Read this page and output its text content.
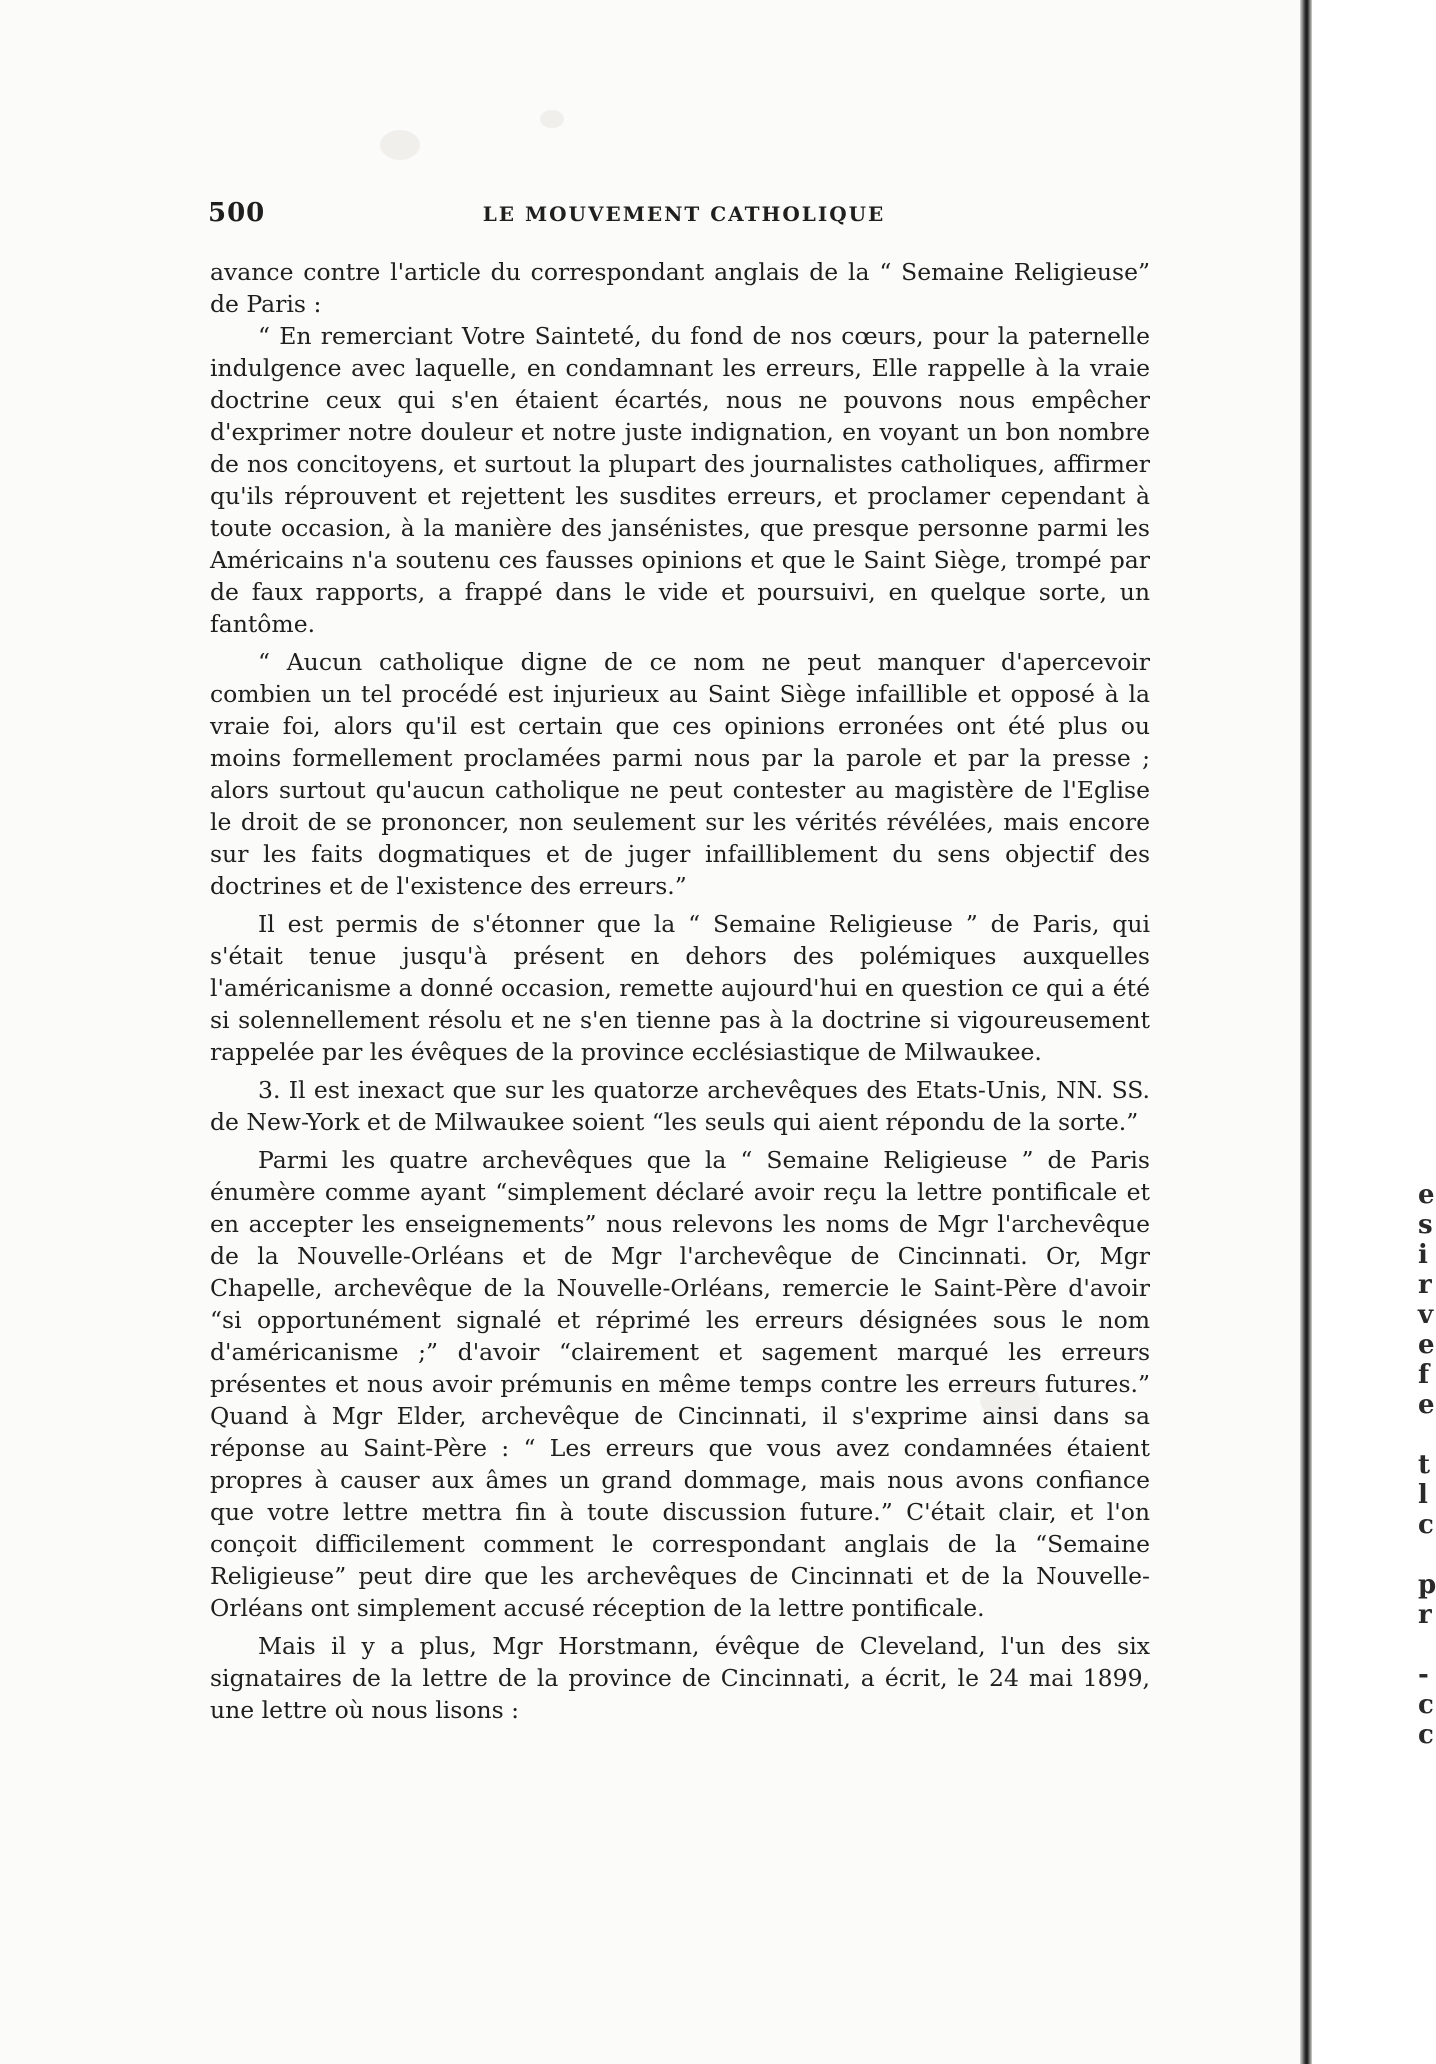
500	LE MOUVEMENT CATHOLIQUE

avance contre l'article du correspondant anglais de la “ Semaine Religieuse” de Paris :

“ En remerciant Votre Sainteté, du fond de nos cœurs, pour la paternelle indulgence avec laquelle, en condamnant les erreurs, Elle rappelle à la vraie doctrine ceux qui s'en étaient écartés, nous ne pouvons nous empêcher d'exprimer notre douleur et notre juste indignation, en voyant un bon nombre de nos concitoyens, et surtout la plupart des journalistes catholiques, affirmer qu'ils réprouvent et rejettent les susdites erreurs, et proclamer cependant à toute occasion, à la manière des jansénistes, que presque personne parmi les Américains n'a soutenu ces fausses opinions et que le Saint Siège, trompé par de faux rapports, a frappé dans le vide et poursuivi, en quelque sorte, un fantôme.

“ Aucun catholique digne de ce nom ne peut manquer d'apercevoir combien un tel procédé est injurieux au Saint Siège infaillible et opposé à la vraie foi, alors qu'il est certain que ces opinions erronées ont été plus ou moins formellement proclamées parmi nous par la parole et par la presse ; alors surtout qu'aucun catholique ne peut contester au magistère de l'Eglise le droit de se prononcer, non seulement sur les vérités révélées, mais encore sur les faits dogmatiques et de juger infailliblement du sens objectif des doctrines et de l'existence des erreurs.”

Il est permis de s'étonner que la “ Semaine Religieuse ” de Paris, qui s'était tenue jusqu'à présent en dehors des polémiques auxquelles l'américanisme a donné occasion, remette aujourd'hui en question ce qui a été si solennellement résolu et ne s'en tienne pas à la doctrine si vigoureusement rappelée par les évêques de la province ecclésiastique de Milwaukee.

3. Il est inexact que sur les quatorze archevêques des Etats-Unis, NN. SS. de New-York et de Milwaukee soient “les seuls qui aient répondu de la sorte.”

Parmi les quatre archevêques que la “ Semaine Religieuse ” de Paris énumère comme ayant “simplement déclaré avoir reçu la lettre pontificale et en accepter les enseignements” nous relevons les noms de Mgr l'archevêque de la Nouvelle-Orléans et de Mgr l'archevêque de Cincinnati. Or, Mgr Chapelle, archevêque de la Nouvelle-Orléans, remercie le Saint-Père d'avoir “si opportunément signalé et réprimé les erreurs désignées sous le nom d'américanisme ;” d'avoir “clairement et sagement marqué les erreurs présentes et nous avoir prémunis en même temps contre les erreurs futures.” Quand à Mgr Elder, archevêque de Cincinnati, il s'exprime ainsi dans sa réponse au Saint-Père : “ Les erreurs que vous avez condamnées étaient propres à causer aux âmes un grand dommage, mais nous avons confiance que votre lettre mettra fin à toute discussion future.” C'était clair, et l'on conçoit difficilement comment le correspondant anglais de la “Semaine Religieuse” peut dire que les archevêques de Cincinnati et de la Nouvelle-Orléans ont simplement accusé réception de la lettre pontificale.

Mais il y a plus, Mgr Horstmann, évêque de Cleveland, l'un des six signataires de la lettre de la province de Cincinnati, a écrit, le 24 mai 1899, une lettre où nous lisons :

e
s
i
r
v
e
f
e
t
l
c
p
r
-
c
c
